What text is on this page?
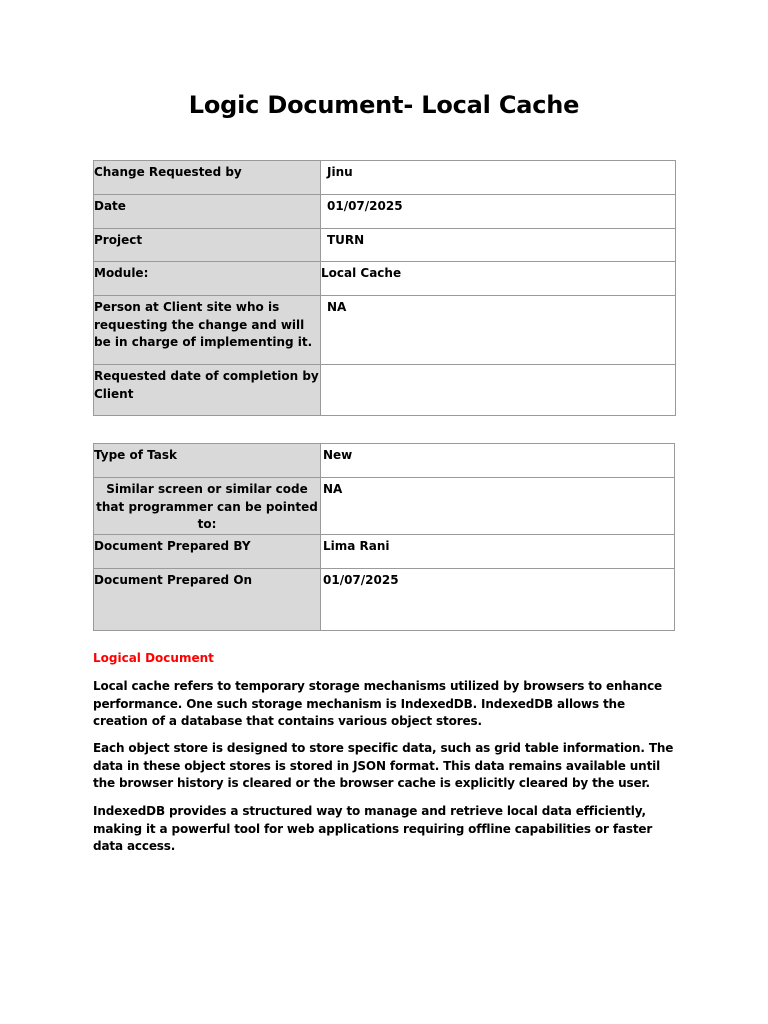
Logic Document- Local Cache
Change Requested by	Jinu
Date	01/07/2025
Project	TURN
Module:	Local Cache
Person at Client site who is requesting the change and will be in charge of implementing it.	NA
Requested date of completion by Client	
Type of Task	New
Similar screen or similar code that programmer can be pointed to:	NA
Document Prepared BY	Lima Rani
Document Prepared On	01/07/2025
Logical Document

Local cache refers to temporary storage mechanisms utilized by browsers to enhance performance. One such storage mechanism is IndexedDB. IndexedDB allows the creation of a database that contains various object stores.

Each object store is designed to store specific data, such as grid table information. The data in these object stores is stored in JSON format. This data remains available until the browser history is cleared or the browser cache is explicitly cleared by the user.

IndexedDB provides a structured way to manage and retrieve local data efficiently, making it a powerful tool for web applications requiring offline capabilities or faster data access.
